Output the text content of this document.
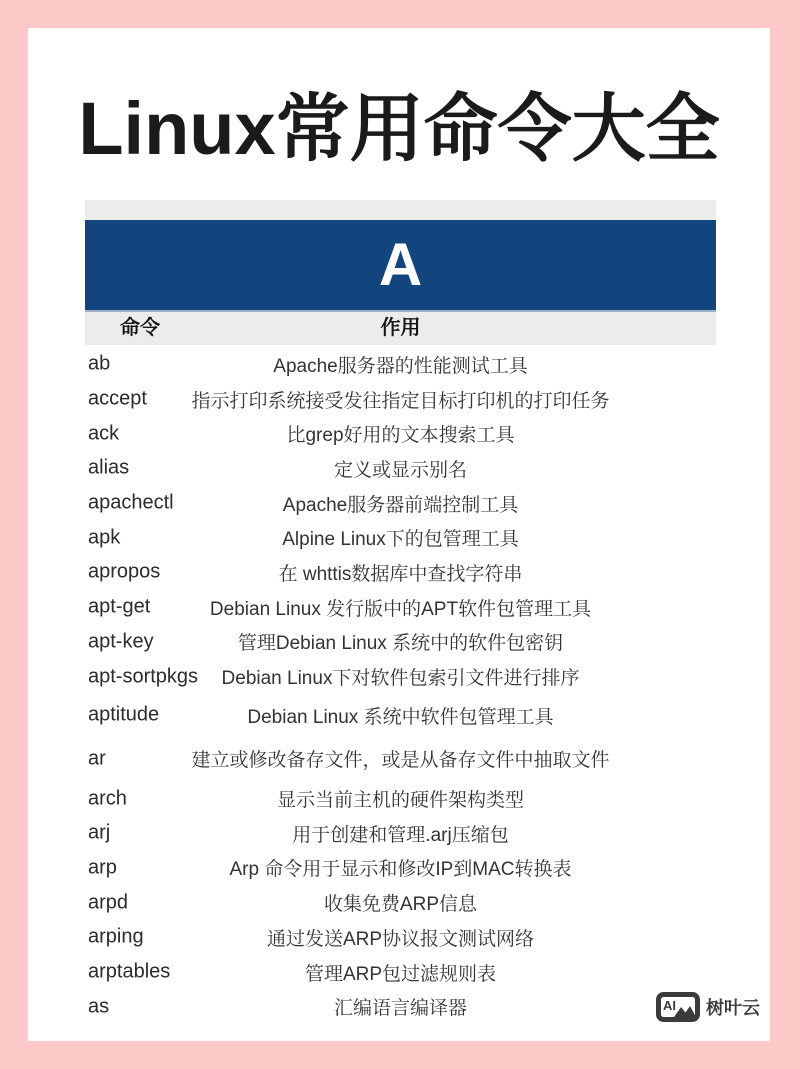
Linux常用命令大全
A
命令	作用
Apache服务器的性能测试工具
ab
指示打印系统接受发往指定目标打印机的打印任务
accept
比grep好用的文本搜索工具
ack
定义或显示别名
alias
Apache服务器前端控制工具
apachectl
Alpine Linux下的包管理工具
apk
在 whttis数据库中查找字符串
apropos
Debian Linux 发行版中的APT软件包管理工具
apt-get
管理Debian Linux 系统中的软件包密钥
apt-key
Debian Linux下对软件包索引文件进行排序
apt-sortpkgs
Debian Linux 系统中软件包管理工具
aptitude
建立或修改备存文件，或是从备存文件中抽取文件
ar
显示当前主机的硬件架构类型
arch
用于创建和管理.arj压缩包
arj
Arp 命令用于显示和修改IP到MAC转换表
arp
收集免费ARP信息
arpd
通过发送ARP协议报文测试网络
arping
管理ARP包过滤规则表
arptables
汇编语言编译器
as	AI 树叶云
